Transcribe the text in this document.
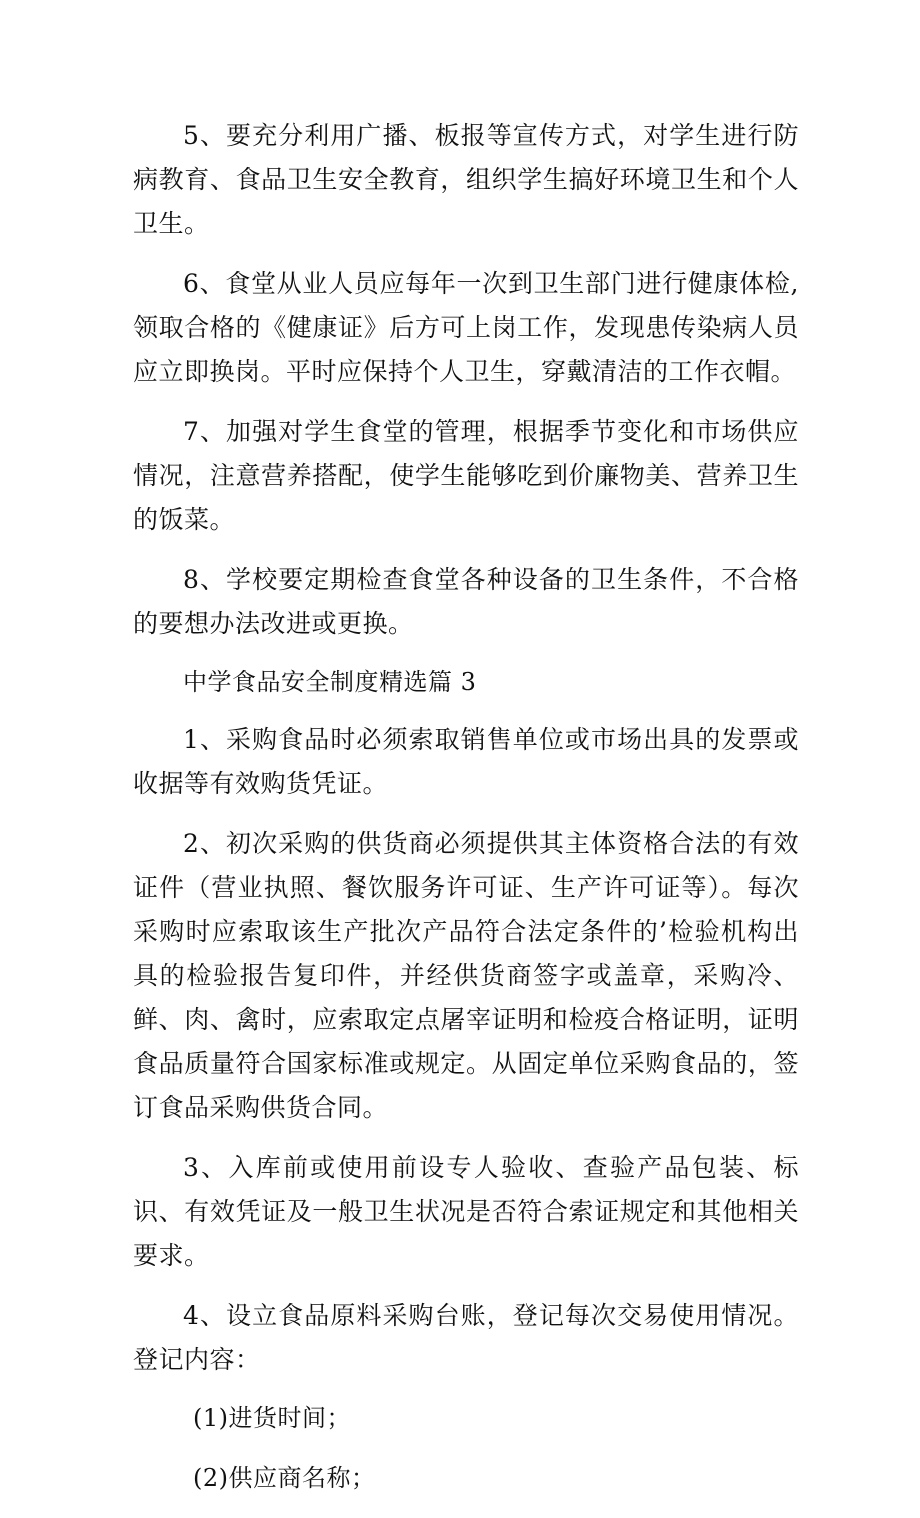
5、要充分利用广播、板报等宣传方式，对学生进行防病教育、食品卫生安全教育，组织学生搞好环境卫生和个人卫生。

6、食堂从业人员应每年一次到卫生部门进行健康体检,领取合格的《健康证》后方可上岗工作，发现患传染病人员应立即换岗。平时应保持个人卫生，穿戴清洁的工作衣帽。

7、加强对学生食堂的管理，根据季节变化和市场供应情况，注意营养搭配，使学生能够吃到价廉物美、营养卫生的饭菜。

8、学校要定期检查食堂各种设备的卫生条件，不合格的要想办法改进或更换。

中学食品安全制度精选篇 3

1、采购食品时必须索取销售单位或市场出具的发票或收据等有效购货凭证。

2、初次采购的供货商必须提供其主体资格合法的有效证件（营业执照、餐饮服务许可证、生产许可证等）。每次采购时应索取该生产批次产品符合法定条件的’检验机构出具的检验报告复印件，并经供货商签字或盖章，采购冷、鲜、肉、禽时，应索取定点屠宰证明和检疫合格证明，证明食品质量符合国家标准或规定。从固定单位采购食品的，签订食品采购供货合同。

3、入库前或使用前设专人验收、查验产品包装、标识、有效凭证及一般卫生状况是否符合索证规定和其他相关要求。

4、设立食品原料采购台账，登记每次交易使用情况。登记内容：

(1)进货时间；

(2)供应商名称；
